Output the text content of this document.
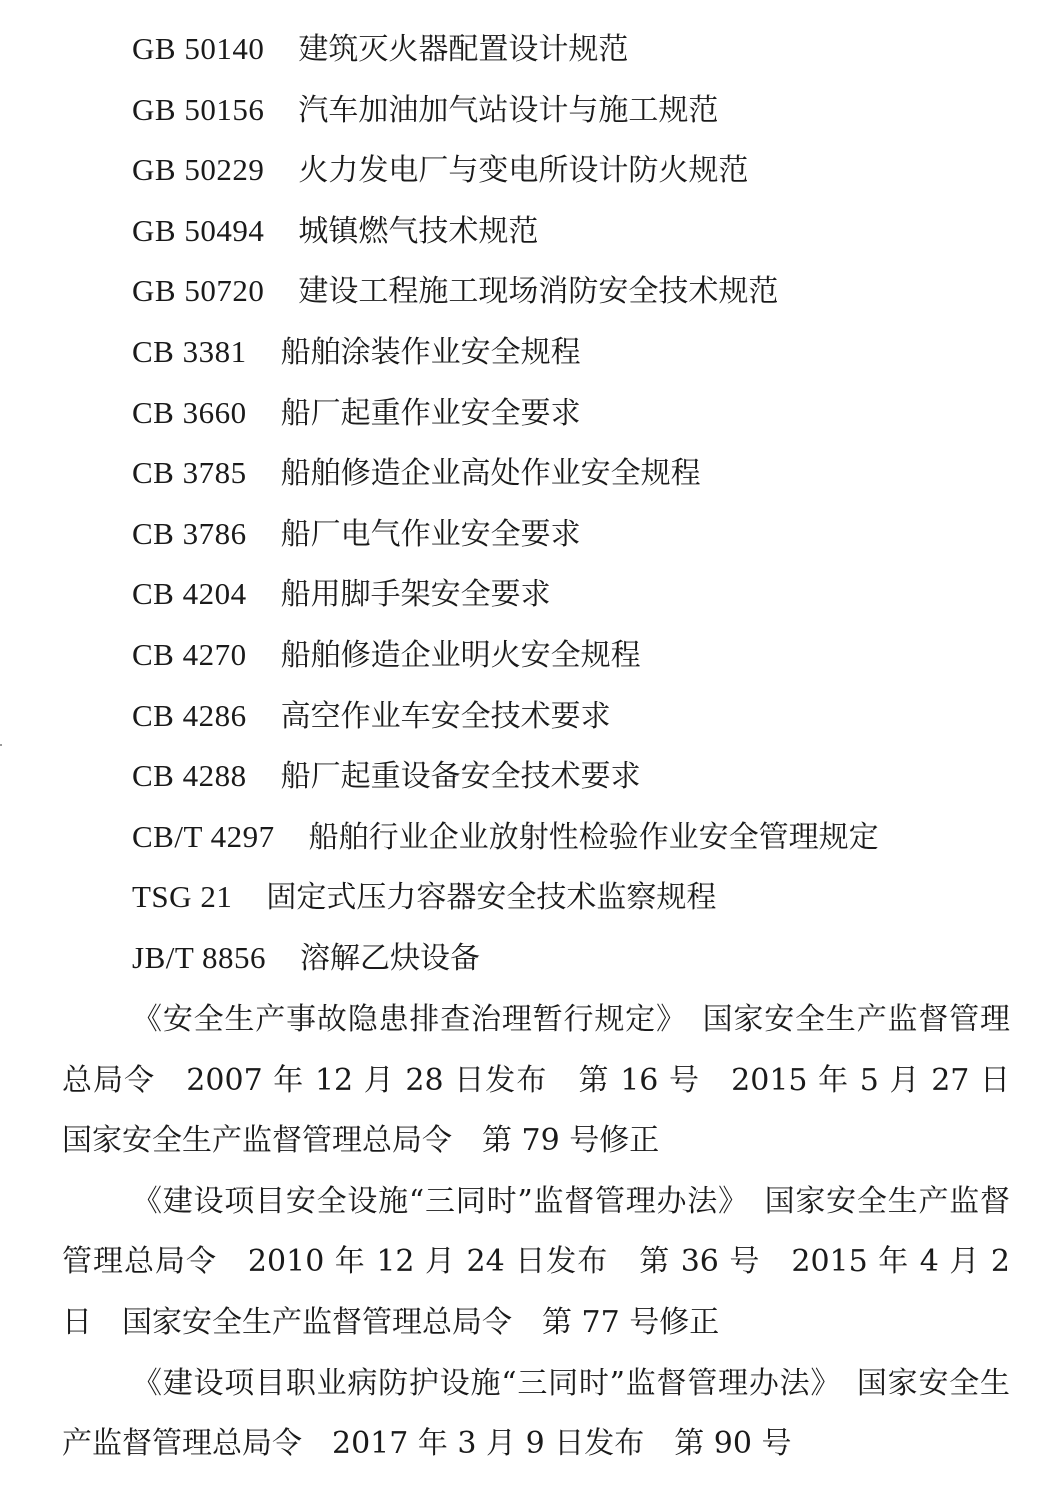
GB 50140 建筑灭火器配置设计规范
GB 50156 汽车加油加气站设计与施工规范
GB 50229 火力发电厂与变电所设计防火规范
GB 50494 城镇燃气技术规范
GB 50720 建设工程施工现场消防安全技术规范
CB 3381 船舶涂装作业安全规程
CB 3660 船厂起重作业安全要求
CB 3785 船舶修造企业高处作业安全规程
CB 3786 船厂电气作业安全要求
CB 4204 船用脚手架安全要求
CB 4270 船舶修造企业明火安全规程
CB 4286 高空作业车安全技术要求
CB 4288 船厂起重设备安全技术要求
CB/T 4297 船舶行业企业放射性检验作业安全管理规定
TSG 21 固定式压力容器安全技术监察规程
JB/T 8856 溶解乙炔设备

《安全生产事故隐患排查治理暂行规定》　国家安全生产监督管理总局令　2007 年 12 月 28 日发布　第 16 号　2015 年 5 月 27 日　国家安全生产监督管理总局令　第 79 号修正

《建设项目安全设施“三同时”监督管理办法》　国家安全生产监督管理总局令　2010 年 12 月 24 日发布　第 36 号　2015 年 4 月 2 日　国家安全生产监督管理总局令　第 77 号修正

《建设项目职业病防护设施“三同时”监督管理办法》　国家安全生产监督管理总局令　2017 年 3 月 9 日发布　第 90 号
